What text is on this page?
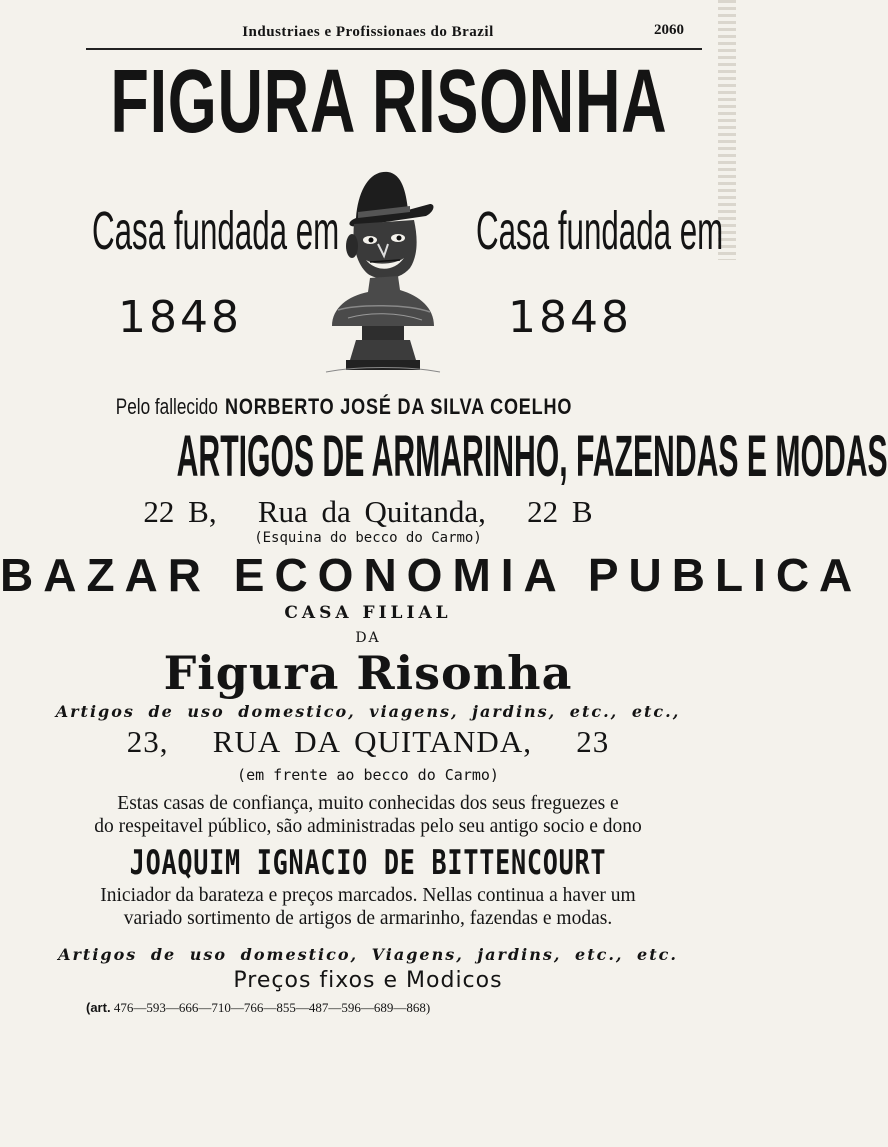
Industriaes e Profissionaes do Brazil	2060
FIGURA RISONHA
Casa fundada em	Casa fundada em
1848	1848
Pelo fallecido NORBERTO JOSÉ DA SILVA COELHO
ARTIGOS DE ARMARINHO, FAZENDAS E MODAS
22 B,   Rua da Quitanda,   22 B
(Esquina do becco do Carmo)
BAZAR ECONOMIA PUBLICA
CASA FILIAL
DA
Figura Risonha
Artigos de uso domestico, viagens, jardins, etc., etc.,
23,   RUA DA QUITANDA,   23
(em frente ao becco do Carmo)
Estas casas de confiança, muito conhecidas dos seus freguezes e
do respeitavel público, são administradas pelo seu antigo socio e dono
JOAQUIM IGNACIO DE BITTENCOURT
Iniciador da barateza e preços marcados. Nellas continua a haver um
variado sortimento de artigos de armarinho, fazendas e modas.
Artigos de uso domestico, Viagens, jardins, etc., etc.
Preços fixos e Modicos
(art. 476—593—666—710—766—855—487—596—689—868)
